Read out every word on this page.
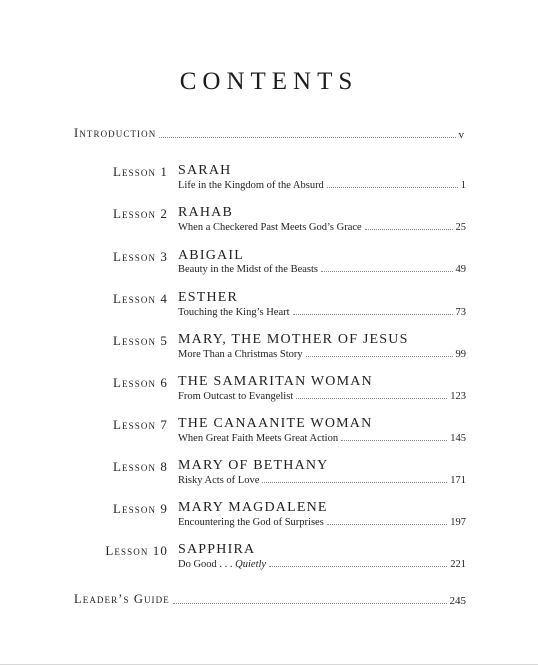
CONTENTS
Introduction	v
Lesson 1 SARAH
Life in the Kingdom of the Absurd	1
Lesson 2 RAHAB
When a Checkered Past Meets God’s Grace	25
Lesson 3 ABIGAIL
Beauty in the Midst of the Beasts	49
Lesson 4 ESTHER
Touching the King’s Heart	73
Lesson 5 MARY, THE MOTHER OF JESUS
More Than a Christmas Story	99
Lesson 6 THE SAMARITAN WOMAN
From Outcast to Evangelist	123
Lesson 7 THE CANAANITE WOMAN
When Great Faith Meets Great Action	145
Lesson 8 MARY OF BETHANY
Risky Acts of Love	171
Lesson 9 MARY MAGDALENE
Encountering the God of Surprises	197
Lesson 10 SAPPHIRA
Do Good . . . Quietly	221
Leader’s Guide	245
